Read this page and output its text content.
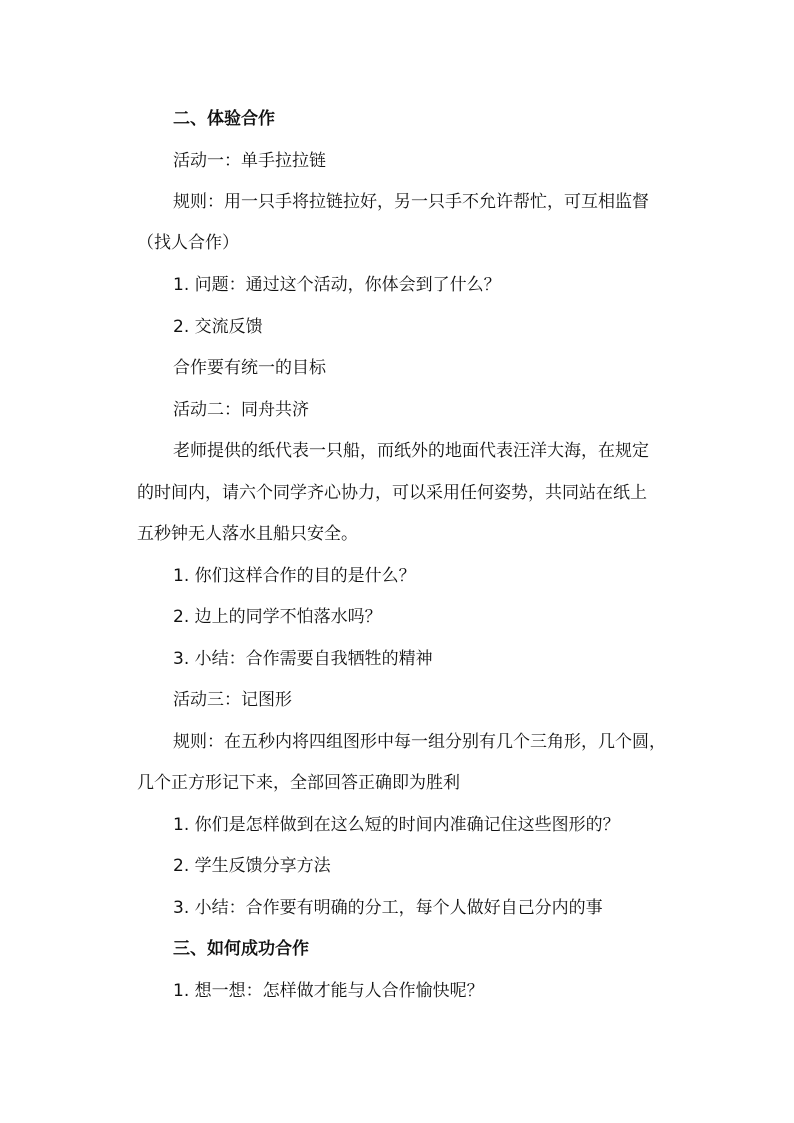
二、体验合作
活动一：单手拉拉链
规则：用一只手将拉链拉好，另一只手不允许帮忙，可互相监督
（找人合作）
1. 问题：通过这个活动，你体会到了什么？
2. 交流反馈
合作要有统一的目标
活动二：同舟共济
老师提供的纸代表一只船，而纸外的地面代表汪洋大海，在规定
的时间内，请六个同学齐心协力，可以采用任何姿势，共同站在纸上
五秒钟无人落水且船只安全。
1. 你们这样合作的目的是什么？
2. 边上的同学不怕落水吗？
3. 小结：合作需要自我牺牲的精神
活动三：记图形
规则：在五秒内将四组图形中每一组分别有几个三角形，几个圆，
几个正方形记下来，全部回答正确即为胜利
1. 你们是怎样做到在这么短的时间内准确记住这些图形的？
2. 学生反馈分享方法
3. 小结：合作要有明确的分工，每个人做好自己分内的事
三、如何成功合作
1. 想一想：怎样做才能与人合作愉快呢？
